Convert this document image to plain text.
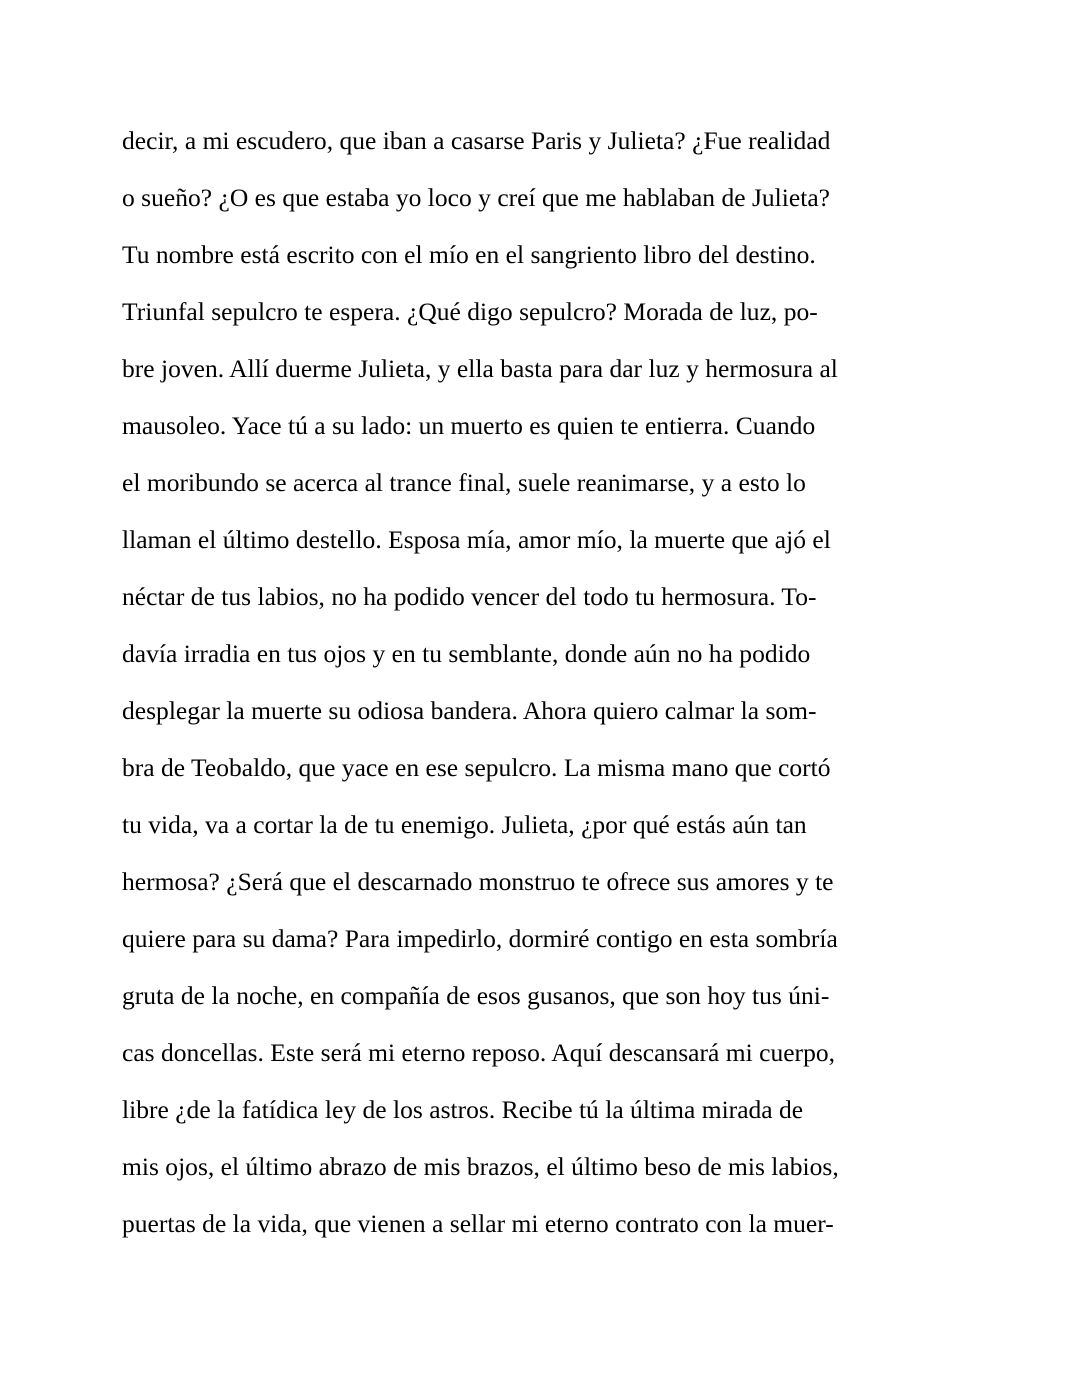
decir, a mi escudero, que iban a casarse Paris y Julieta? ¿Fue realidad
o sueño? ¿O es que estaba yo loco y creí que me hablaban de Julieta?
Tu nombre está escrito con el mío en el sangriento libro del destino.
Triunfal sepulcro te espera. ¿Qué digo sepulcro? Morada de luz, po-
bre joven. Allí duerme Julieta, y ella basta para dar luz y hermosura al
mausoleo. Yace tú a su lado: un muerto es quien te entierra. Cuando
el moribundo se acerca al trance final, suele reanimarse, y a esto lo
llaman el último destello. Esposa mía, amor mío, la muerte que ajó el
néctar de tus labios, no ha podido vencer del todo tu hermosura. To-
davía irradia en tus ojos y en tu semblante, donde aún no ha podido
desplegar la muerte su odiosa bandera. Ahora quiero calmar la som-
bra de Teobaldo, que yace en ese sepulcro. La misma mano que cortó
tu vida, va a cortar la de tu enemigo. Julieta, ¿por qué estás aún tan
hermosa? ¿Será que el descarnado monstruo te ofrece sus amores y te
quiere para su dama? Para impedirlo, dormiré contigo en esta sombría
gruta de la noche, en compañía de esos gusanos, que son hoy tus úni-
cas doncellas. Este será mi eterno reposo. Aquí descansará mi cuerpo,
libre ¿de la fatídica ley de los astros. Recibe tú la última mirada de
mis ojos, el último abrazo de mis brazos, el último beso de mis labios,
puertas de la vida, que vienen a sellar mi eterno contrato con la muer-
